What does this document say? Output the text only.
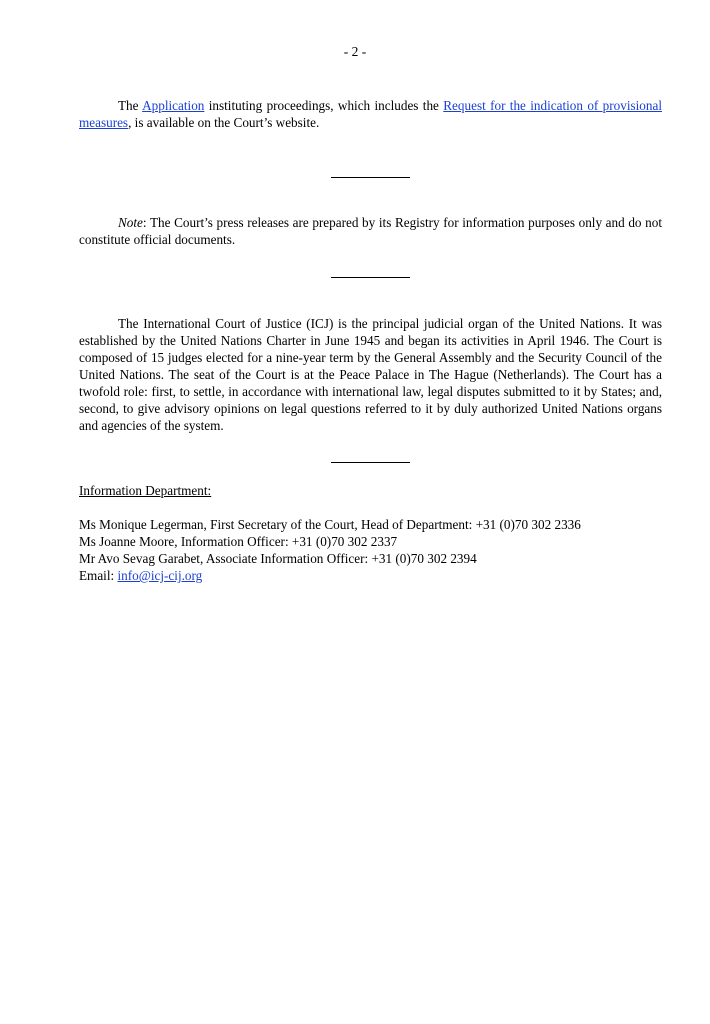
- 2 -

The Application instituting proceedings, which includes the Request for the indication of provisional measures, is available on the Court’s website.

Note: The Court’s press releases are prepared by its Registry for information purposes only and do not constitute official documents.

The International Court of Justice (ICJ) is the principal judicial organ of the United Nations. It was established by the United Nations Charter in June 1945 and began its activities in April 1946. The Court is composed of 15 judges elected for a nine-year term by the General Assembly and the Security Council of the United Nations. The seat of the Court is at the Peace Palace in The Hague (Netherlands). The Court has a twofold role: first, to settle, in accordance with international law, legal disputes submitted to it by States; and, second, to give advisory opinions on legal questions referred to it by duly authorized United Nations organs and agencies of the system.

Information Department:
Ms Monique Legerman, First Secretary of the Court, Head of Department: +31 (0)70 302 2336
Ms Joanne Moore, Information Officer: +31 (0)70 302 2337
Mr Avo Sevag Garabet, Associate Information Officer: +31 (0)70 302 2394
Email: info@icj-cij.org
